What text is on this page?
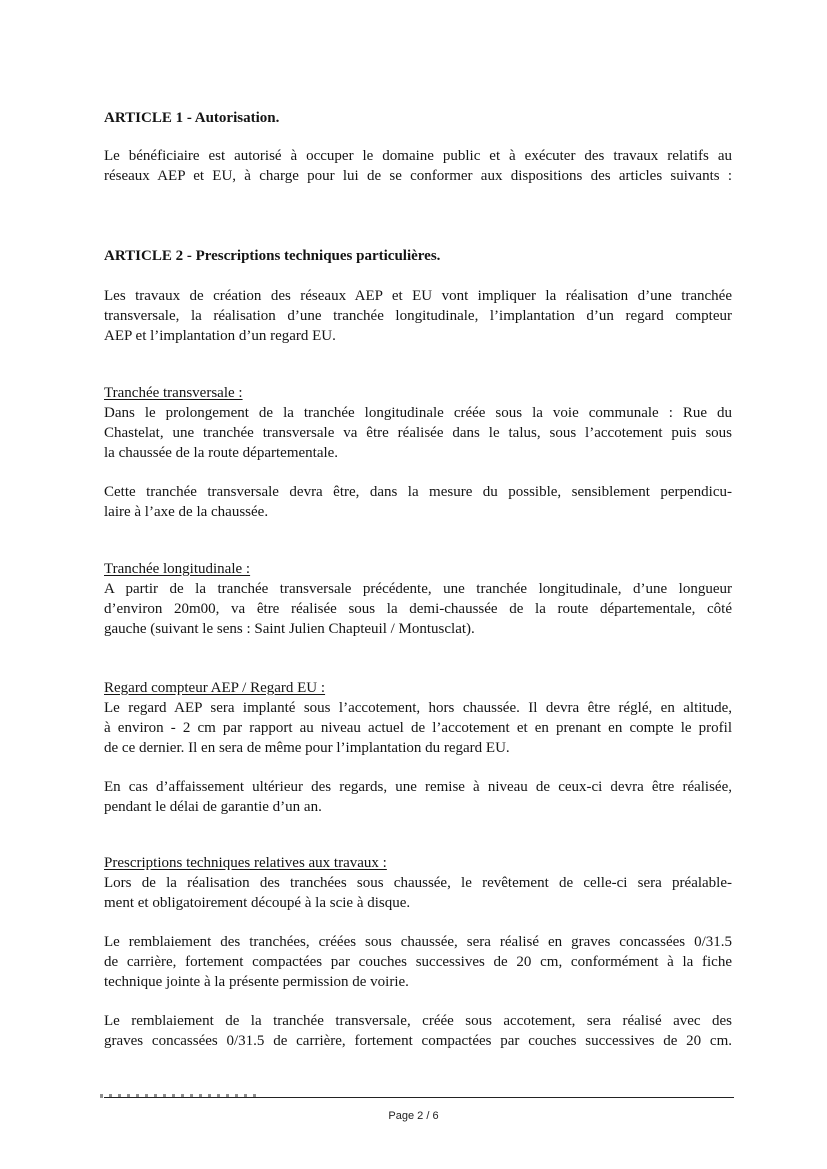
ARTICLE 1 - Autorisation.
Le bénéficiaire est autorisé à occuper le domaine public et à exécuter des travaux relatifs au
réseaux AEP et EU, à charge pour lui de se conformer aux dispositions des articles suivants :
ARTICLE 2 - Prescriptions techniques particulières.
Les travaux de création des réseaux AEP et EU vont impliquer la réalisation d’une tranchée
transversale, la réalisation d’une tranchée longitudinale, l’implantation d’un regard compteur
AEP et l’implantation d’un regard EU.
Tranchée transversale :
Dans le prolongement de la tranchée longitudinale créée sous la voie communale : Rue du
Chastelat, une tranchée transversale va être réalisée dans le talus, sous l’accotement puis sous
la chaussée de la route départementale.
Cette tranchée transversale devra être, dans la mesure du possible, sensiblement perpendicu-
laire à l’axe de la chaussée.
Tranchée longitudinale :
A partir de la tranchée transversale précédente, une tranchée longitudinale, d’une longueur
d’environ 20m00, va être réalisée sous la demi-chaussée de la route départementale, côté
gauche (suivant le sens : Saint Julien Chapteuil / Montusclat).
Regard compteur AEP / Regard EU :
Le regard AEP sera implanté sous l’accotement, hors chaussée. Il devra être réglé, en altitude,
à environ - 2 cm par rapport au niveau actuel de l’accotement et en prenant en compte le profil
de ce dernier. Il en sera de même pour l’implantation du regard EU.
En cas d’affaissement ultérieur des regards, une remise à niveau de ceux-ci devra être réalisée,
pendant le délai de garantie d’un an.
Prescriptions techniques relatives aux travaux :
Lors de la réalisation des tranchées sous chaussée, le revêtement de celle-ci sera préalable-
ment et obligatoirement découpé à la scie à disque.
Le remblaiement des tranchées, créées sous chaussée, sera réalisé en graves concassées 0/31.5
de carrière, fortement compactées par couches successives de 20 cm, conformément à la fiche
technique jointe à la présente permission de voirie.
Le remblaiement de la tranchée transversale, créée sous accotement, sera réalisé avec des
graves concassées 0/31.5 de carrière, fortement compactées par couches successives de 20 cm.
Page 2 / 6
